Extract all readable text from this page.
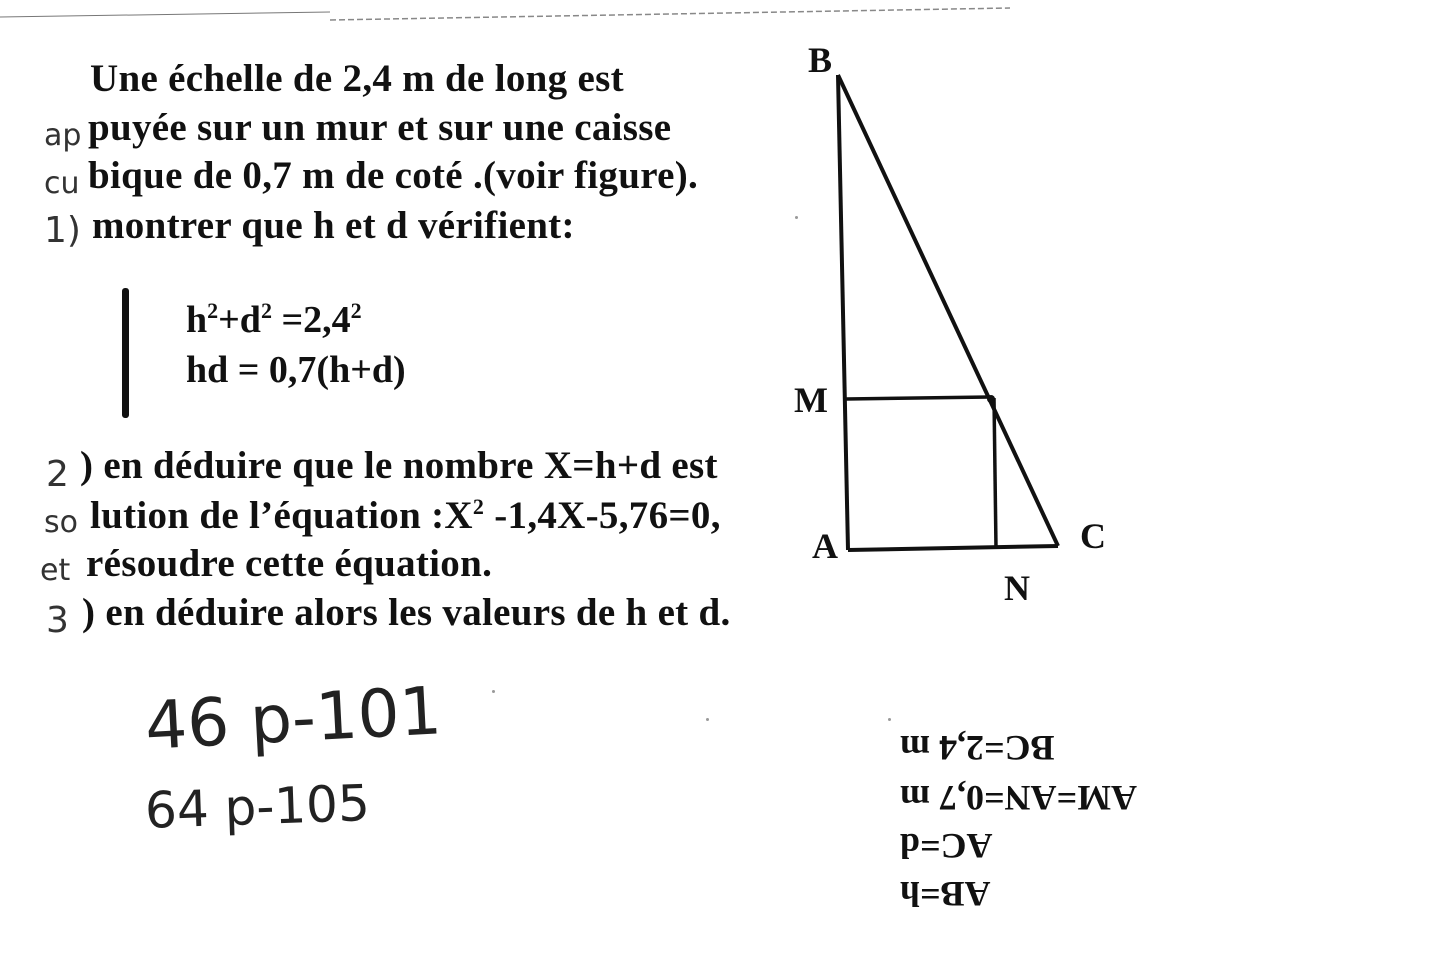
Une échelle de 2,4 m de long est
ap puyée sur un mur et sur une caisse
cu bique de 0,7 m de coté .(voir figure).
1) montrer que h et d vérifient:
$h^2+d^2 =2,4^2$
hd = 0,7(h+d)
2 ) en déduire que le nombre X=h+d est
so lution de l’équation $:X^2$ -1,4X-5,76=0,
et résoudre cette équation.
3 ) en déduire alors les valeurs de h et d.
46 p-101
64 p-105
B
M
A	C
N
AB=h
AC=d
AM=AN=0,7 m
BC=2,4 m
